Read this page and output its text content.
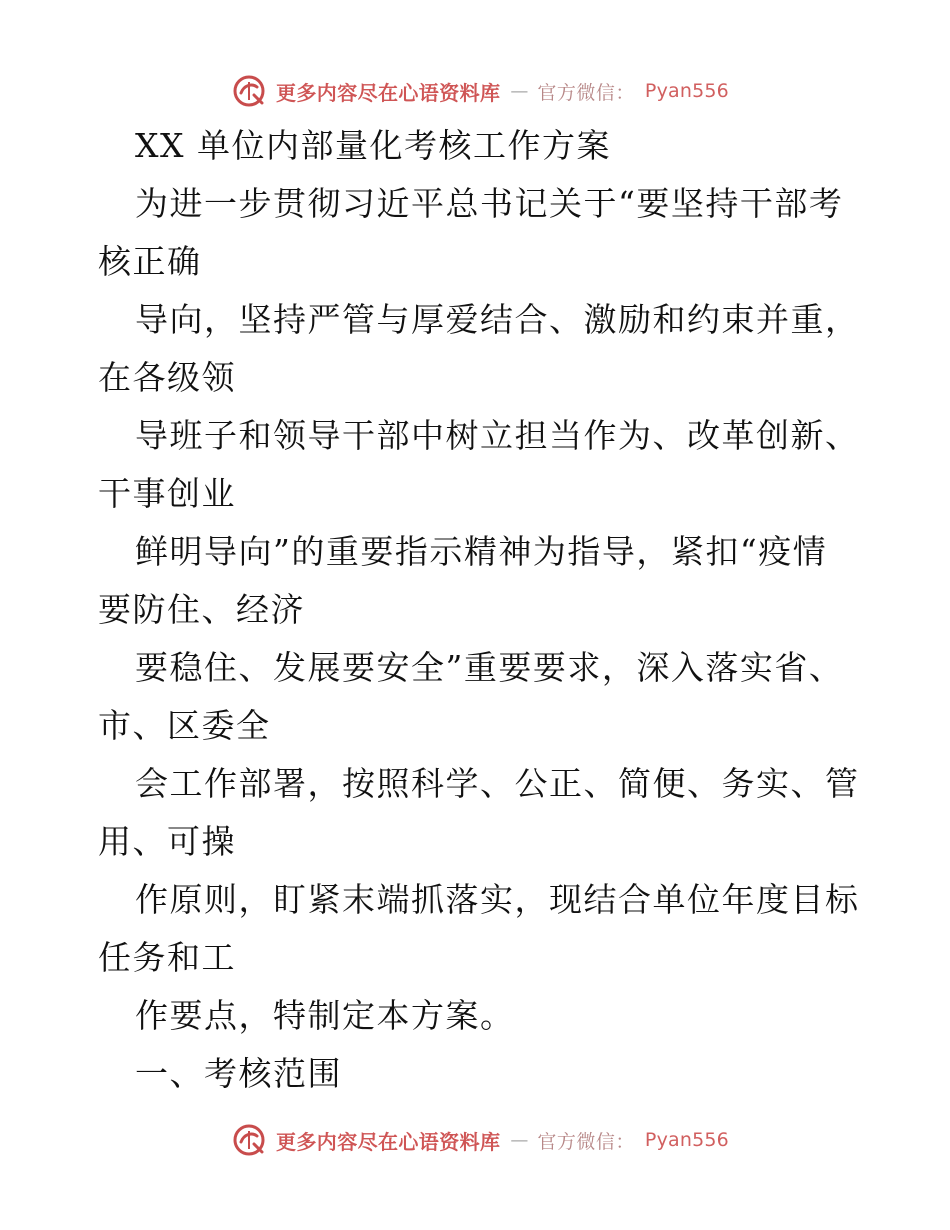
更多内容尽在心语资料库 — 官方微信： Pyan556
XX 单位内部量化考核工作方案
为进一步贯彻习近平总书记关于“要坚持干部考
核正确
导向，坚持严管与厚爱结合、激励和约束并重，
在各级领
导班子和领导干部中树立担当作为、改革创新、
干事创业
鲜明导向”的重要指示精神为指导，紧扣“疫情
要防住、经济
要稳住、发展要安全”重要要求，深入落实省、
市、区委全
会工作部署，按照科学、公正、简便、务实、管
用、可操
作原则，盯紧末端抓落实，现结合单位年度目标
任务和工
作要点，特制定本方案。
一、考核范围
更多内容尽在心语资料库 — 官方微信： Pyan556
